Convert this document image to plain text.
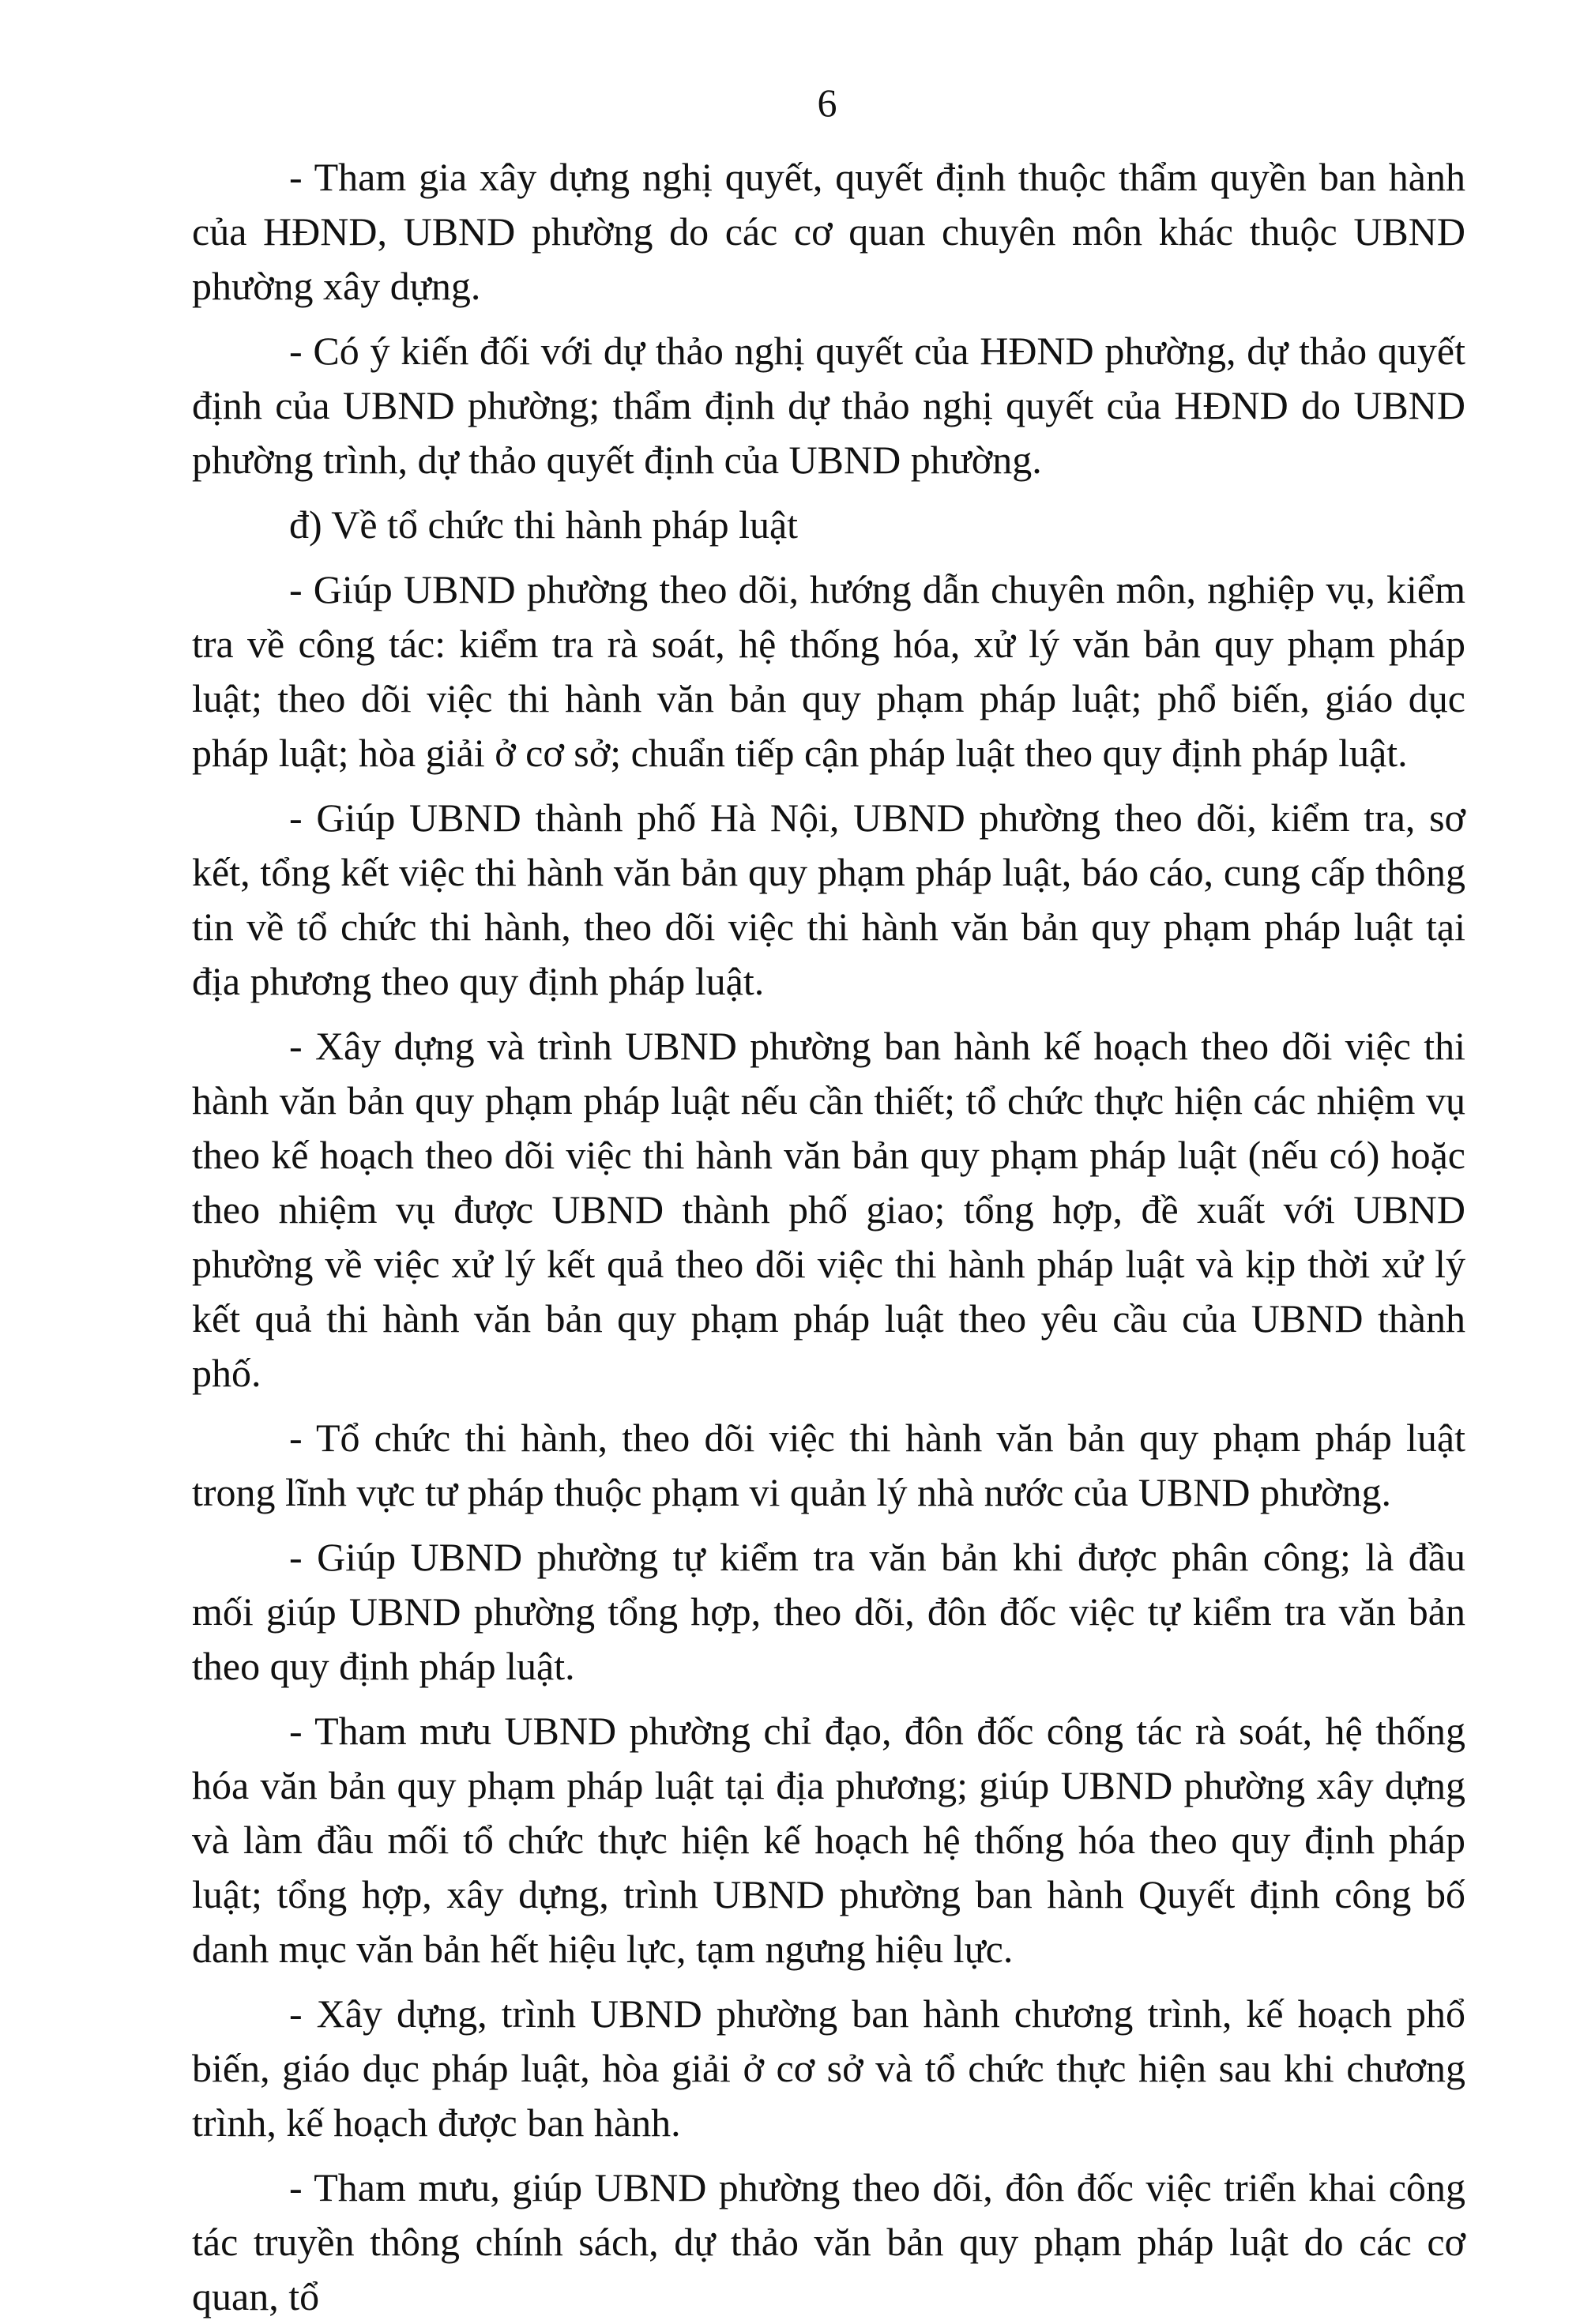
6

- Tham gia xây dựng nghị quyết, quyết định thuộc thẩm quyền ban hành của HĐND, UBND phường do các cơ quan chuyên môn khác thuộc UBND phường xây dựng.

- Có ý kiến đối với dự thảo nghị quyết của HĐND phường, dự thảo quyết định của UBND phường; thẩm định dự thảo nghị quyết của HĐND do UBND phường trình, dự thảo quyết định của UBND phường.

đ) Về tổ chức thi hành pháp luật

- Giúp UBND phường theo dõi, hướng dẫn chuyên môn, nghiệp vụ, kiểm tra về công tác: kiểm tra rà soát, hệ thống hóa, xử lý văn bản quy phạm pháp luật; theo dõi việc thi hành văn bản quy phạm pháp luật; phổ biến, giáo dục pháp luật; hòa giải ở cơ sở; chuẩn tiếp cận pháp luật theo quy định pháp luật.

- Giúp UBND thành phố Hà Nội, UBND phường theo dõi, kiểm tra, sơ kết, tổng kết việc thi hành văn bản quy phạm pháp luật, báo cáo, cung cấp thông tin về tổ chức thi hành, theo dõi việc thi hành văn bản quy phạm pháp luật tại địa phương theo quy định pháp luật.

- Xây dựng và trình UBND phường ban hành kế hoạch theo dõi việc thi hành văn bản quy phạm pháp luật nếu cần thiết; tổ chức thực hiện các nhiệm vụ theo kế hoạch theo dõi việc thi hành văn bản quy phạm pháp luật (nếu có) hoặc theo nhiệm vụ được UBND thành phố giao; tổng hợp, đề xuất với UBND phường về việc xử lý kết quả theo dõi việc thi hành pháp luật và kịp thời xử lý kết quả thi hành văn bản quy phạm pháp luật theo yêu cầu của UBND thành phố.

- Tổ chức thi hành, theo dõi việc thi hành văn bản quy phạm pháp luật trong lĩnh vực tư pháp thuộc phạm vi quản lý nhà nước của UBND phường.

- Giúp UBND phường tự kiểm tra văn bản khi được phân công; là đầu mối giúp UBND phường tổng hợp, theo dõi, đôn đốc việc tự kiểm tra văn bản theo quy định pháp luật.

- Tham mưu UBND phường chỉ đạo, đôn đốc công tác rà soát, hệ thống hóa văn bản quy phạm pháp luật tại địa phương; giúp UBND phường xây dựng và làm đầu mối tổ chức thực hiện kế hoạch hệ thống hóa theo quy định pháp luật; tổng hợp, xây dựng, trình UBND phường ban hành Quyết định công bố danh mục văn bản hết hiệu lực, tạm ngưng hiệu lực.

- Xây dựng, trình UBND phường ban hành chương trình, kế hoạch phổ biến, giáo dục pháp luật, hòa giải ở cơ sở và tổ chức thực hiện sau khi chương trình, kế hoạch được ban hành.

- Tham mưu, giúp UBND phường theo dõi, đôn đốc việc triển khai công tác truyền thông chính sách, dự thảo văn bản quy phạm pháp luật do các cơ quan, tổ
